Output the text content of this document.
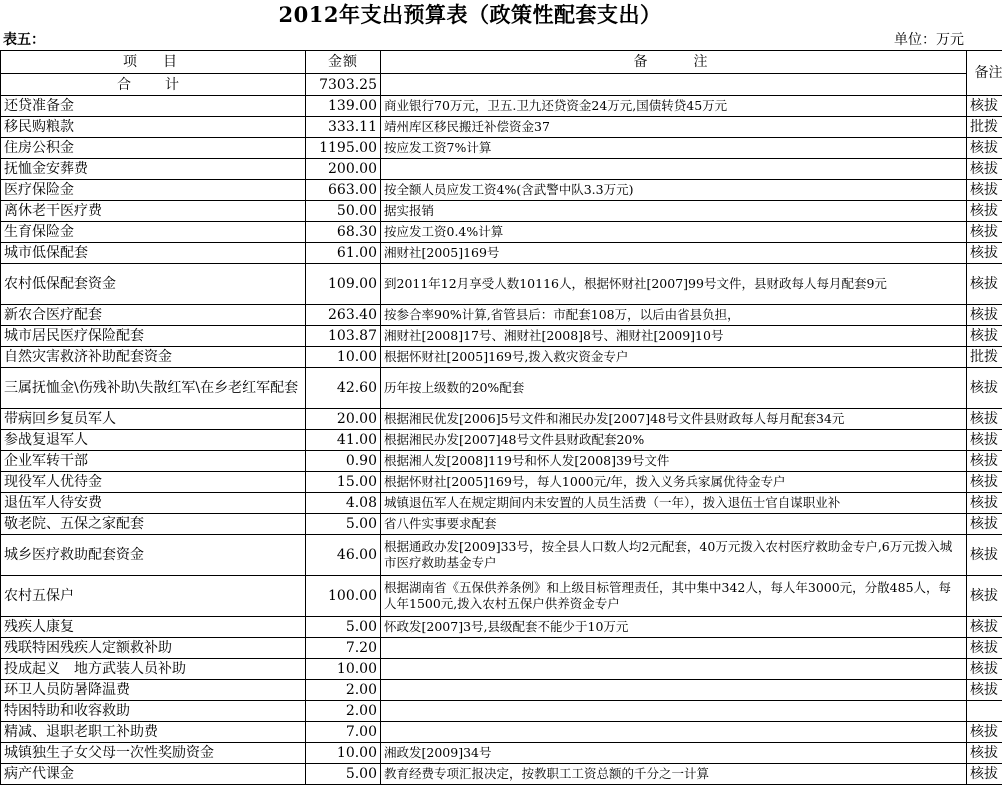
2012年支出预算表（政策性配套支出）
表五：	单位：万元
项　目	金额	备　　注	备注
合　计	7303.25		
还贷准备金	139.00	商业银行70万元，卫五.卫九还贷资金24万元,国债转贷45万元	核拔
移民购粮款	333.11	靖州库区移民搬迁补偿资金37	批拨
住房公积金	1195.00	按应发工资7%计算	核拔
抚恤金安葬费	200.00		核拔
医疗保险金	663.00	按全额人员应发工资4%(含武警中队3.3万元)	核拔
离休老干医疗费	50.00	据实报销	核拔
生育保险金	68.30	按应发工资0.4%计算	核拔
城市低保配套	61.00	湘财社[2005]169号	核拔
农村低保配套资金	109.00	到2011年12月享受人数10116人，根据怀财社[2007]99号文件，县财政每人每月配套9元	核拔
新农合医疗配套	263.40	按参合率90%计算,省管县后：市配套108万，以后由省县负担，	核拔
城市居民医疗保险配套	103.87	湘财社[2008]17号、湘财社[2008]8号、湘财社[2009]10号	核拔
自然灾害救济补助配套资金	10.00	根据怀财社[2005]169号,拨入救灾资金专户	批拨
三属抚恤金\伤残补助\失散红军\在乡老红军配套	42.60	历年按上级数的20%配套	核拔
带病回乡复员军人	20.00	根据湘民优发[2006]5号文件和湘民办发[2007]48号文件县财政每人每月配套34元	核拔
参战复退军人	41.00	根据湘民办发[2007]48号文件县财政配套20%	核拔
企业军转干部	0.90	根据湘人发[2008]119号和怀人发[2008]39号文件	核拔
现役军人优待金	15.00	根据怀财社[2005]169号，每人1000元/年，拨入义务兵家属优待金专户	核拔
退伍军人待安费	4.08	城镇退伍军人在规定期间内未安置的人员生活费（一年），拨入退伍士官自谋职业补	核拔
敬老院、五保之家配套	5.00	省八件实事要求配套	核拔
城乡医疗救助配套资金	46.00	根据通政办发[2009]33号，按全县人口数人均2元配套，40万元拨入农村医疗救助金专户,6万元拨入城市医疗救助基金专户	核拔
农村五保户	100.00	根据湖南省《五保供养条例》和上级目标管理责任，其中集中342人，每人年3000元，分散485人，每人年1500元,拨入农村五保户供养资金专户	核拔
残疾人康复	5.00	怀政发[2007]3号,县级配套不能少于10万元	核拔
残联特困残疾人定额救补助	7.20		核拔
投成起义　地方武装人员补助	10.00		核拔
环卫人员防暑降温费	2.00		核拔
特困特助和收容救助	2.00		
精减、退职老职工补助费	7.00		核拔
城镇独生子女父母一次性奖励资金	10.00	湘政发[2009]34号	核拔
病产代课金	5.00	教育经费专项汇报决定，按教职工工资总额的千分之一计算	核拔
